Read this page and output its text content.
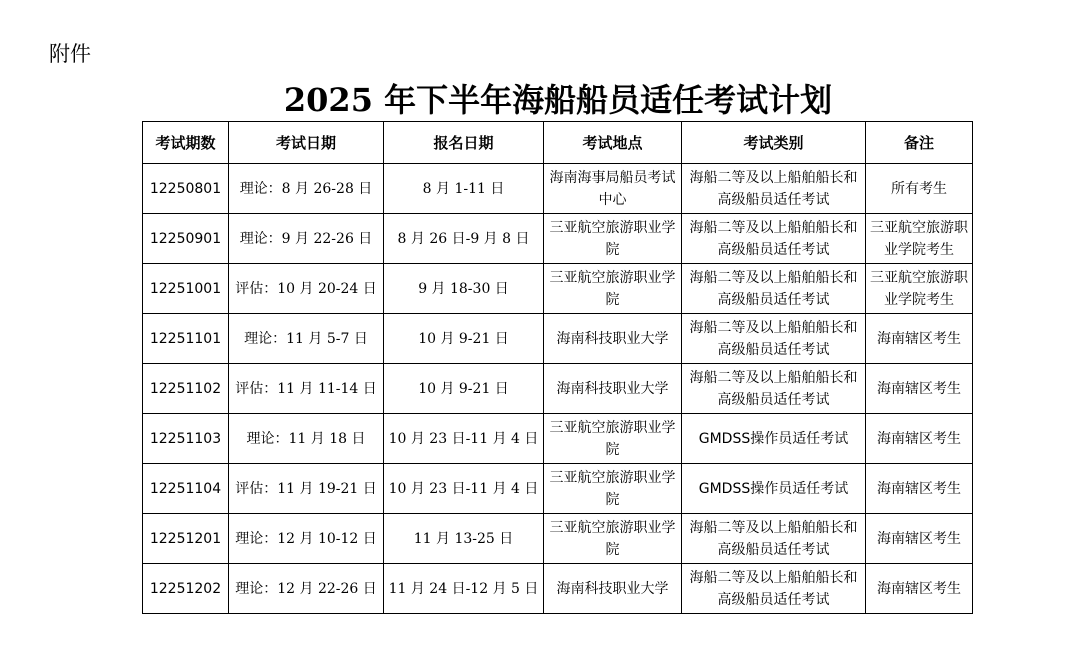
附件
2025 年下半年海船船员适任考试计划
考试期数	考试日期	报名日期	考试地点	考试类别	备注
12250801	理论：8 月 26-28 日	8 月 1-11 日	海南海事局船员考试中心	海船二等及以上船舶船长和高级船员适任考试	所有考生
12250901	理论：9 月 22-26 日	8 月 26 日-9 月 8 日	三亚航空旅游职业学院	海船二等及以上船舶船长和高级船员适任考试	三亚航空旅游职业学院考生
12251001	评估：10 月 20-24 日	9 月 18-30 日	三亚航空旅游职业学院	海船二等及以上船舶船长和高级船员适任考试	三亚航空旅游职业学院考生
12251101	理论：11 月 5-7 日	10 月 9-21 日	海南科技职业大学	海船二等及以上船舶船长和高级船员适任考试	海南辖区考生
12251102	评估：11 月 11-14 日	10 月 9-21 日	海南科技职业大学	海船二等及以上船舶船长和高级船员适任考试	海南辖区考生
12251103	理论：11 月 18 日	10 月 23 日-11 月 4 日	三亚航空旅游职业学院	GMDSS操作员适任考试	海南辖区考生
12251104	评估：11 月 19-21 日	10 月 23 日-11 月 4 日	三亚航空旅游职业学院	GMDSS操作员适任考试	海南辖区考生
12251201	理论：12 月 10-12 日	11 月 13-25 日	三亚航空旅游职业学院	海船二等及以上船舶船长和高级船员适任考试	海南辖区考生
12251202	理论：12 月 22-26 日	11 月 24 日-12 月 5 日	海南科技职业大学	海船二等及以上船舶船长和高级船员适任考试	海南辖区考生
